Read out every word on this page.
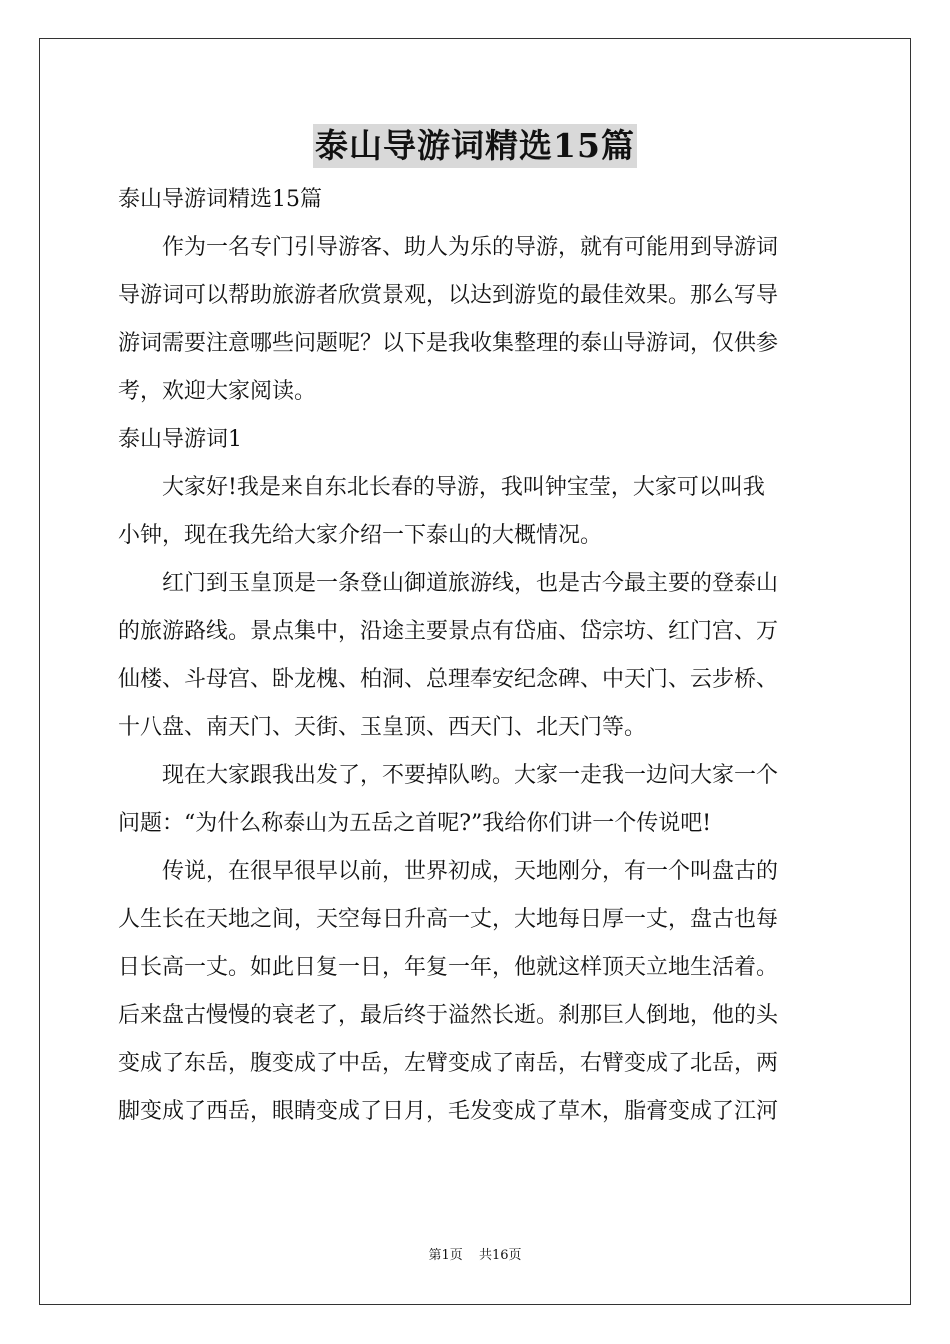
泰山导游词精选15篇
泰山导游词精选15篇
　　作为一名专门引导游客、助人为乐的导游，就有可能用到导游词
导游词可以帮助旅游者欣赏景观，以达到游览的最佳效果。那么写导
游词需要注意哪些问题呢？以下是我收集整理的泰山导游词，仅供参
考，欢迎大家阅读。
泰山导游词1
　　大家好!我是来自东北长春的导游，我叫钟宝莹，大家可以叫我
小钟，现在我先给大家介绍一下泰山的大概情况。
　　红门到玉皇顶是一条登山御道旅游线，也是古今最主要的登泰山
的旅游路线。景点集中，沿途主要景点有岱庙、岱宗坊、红门宫、万
仙楼、斗母宫、卧龙槐、柏洞、总理奉安纪念碑、中天门、云步桥、
十八盘、南天门、天街、玉皇顶、西天门、北天门等。
　　现在大家跟我出发了，不要掉队哟。大家一走我一边问大家一个
问题：“为什么称泰山为五岳之首呢?”我给你们讲一个传说吧!
　　传说，在很早很早以前，世界初成，天地刚分，有一个叫盘古的
人生长在天地之间，天空每日升高一丈，大地每日厚一丈，盘古也每
日长高一丈。如此日复一日，年复一年，他就这样顶天立地生活着。
后来盘古慢慢的衰老了，最后终于溢然长逝。刹那巨人倒地，他的头
变成了东岳，腹变成了中岳，左臂变成了南岳，右臂变成了北岳，两
脚变成了西岳，眼睛变成了日月，毛发变成了草木，脂膏变成了江河
第1页 共16页
